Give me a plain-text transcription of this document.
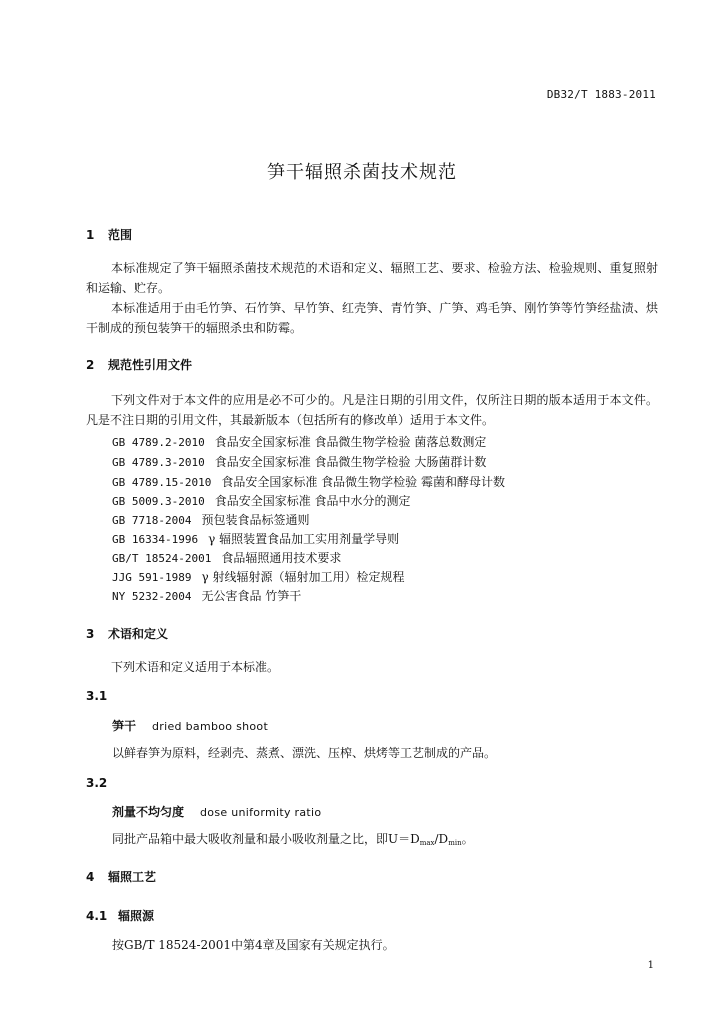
DB32/T 1883-2011
笋干辐照杀菌技术规范
1 范围

本标准规定了笋干辐照杀菌技术规范的术语和定义、辐照工艺、要求、检验方法、检验规则、重复照射和运输、贮存。

本标准适用于由毛竹笋、石竹笋、早竹笋、红壳笋、青竹笋、广笋、鸡毛笋、刚竹笋等竹笋经盐渍、烘干制成的预包装笋干的辐照杀虫和防霉。

2 规范性引用文件

下列文件对于本文件的应用是必不可少的。凡是注日期的引用文件，仅所注日期的版本适用于本文件。凡是不注日期的引用文件，其最新版本（包括所有的修改单）适用于本文件。

GB 4789.2-2010 食品安全国家标准 食品微生物学检验 菌落总数测定
GB 4789.3-2010 食品安全国家标准 食品微生物学检验 大肠菌群计数
GB 4789.15-2010 食品安全国家标准 食品微生物学检验 霉菌和酵母计数
GB 5009.3-2010 食品安全国家标准 食品中水分的测定
GB 7718-2004 预包装食品标签通则
GB 16334-1996 γ 辐照装置食品加工实用剂量学导则
GB/T 18524-2001 食品辐照通用技术要求
JJG 591-1989 γ 射线辐射源（辐射加工用）检定规程
NY 5232-2004 无公害食品 竹笋干
3 术语和定义

下列术语和定义适用于本标准。

3.1
笋干 dried bamboo shoot
以鲜春笋为原料，经剥壳、蒸煮、漂洗、压榨、烘烤等工艺制成的产品。
3.2
剂量不均匀度 dose uniformity ratio
同批产品箱中最大吸收剂量和最小吸收剂量之比，即$U=D_{max}/D_{min}$。
4 辐照工艺
4.1 辐照源
按GB/T 18524-2001中第4章及国家有关规定执行。
1
